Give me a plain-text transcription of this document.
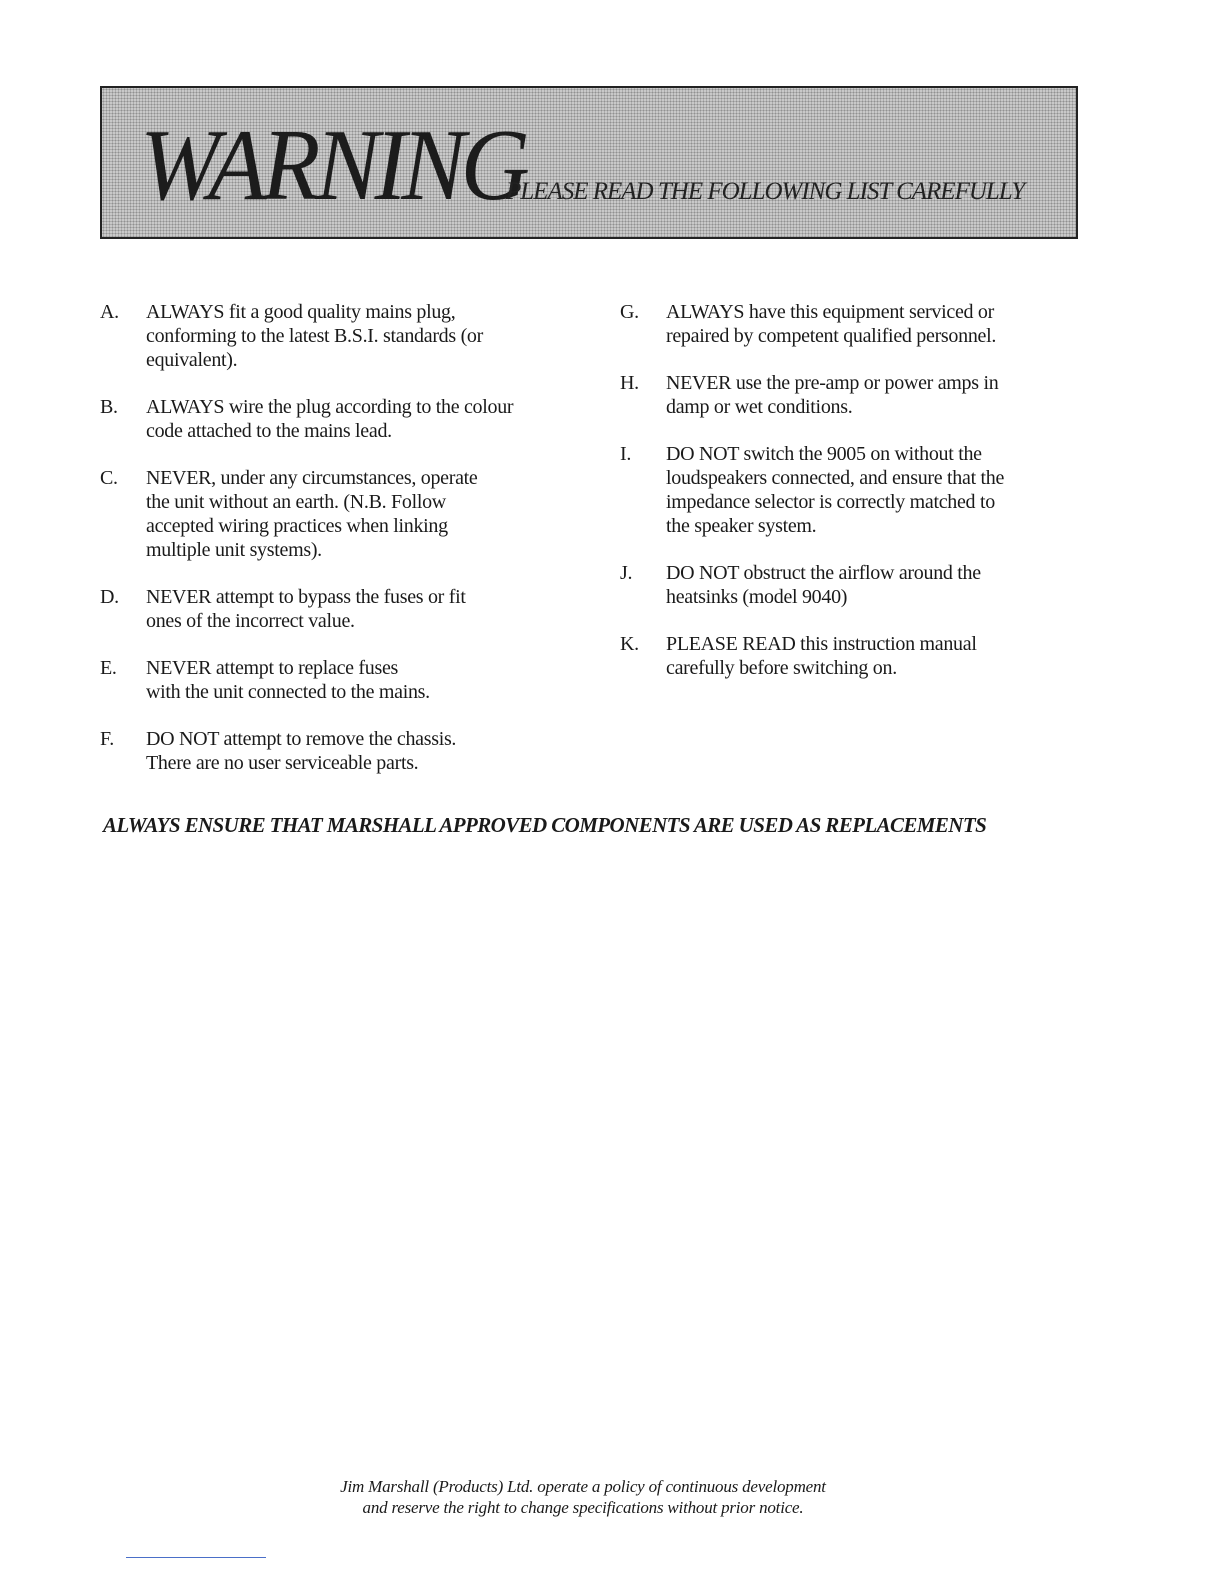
WARNING
PLEASE READ THE FOLLOWING LIST CAREFULLY
A.	ALWAYS fit a good quality mains plug,
conforming to the latest B.S.I. standards (or
equivalent).
B.	ALWAYS wire the plug according to the colour
code attached to the mains lead.
C.	NEVER, under any circumstances, operate
the unit without an earth. (N.B. Follow
accepted wiring practices when linking
multiple unit systems).
D.	NEVER attempt to bypass the fuses or fit
ones of the incorrect value.
E.	NEVER attempt to replace fuses
with the unit connected to the mains.
F.	DO NOT attempt to remove the chassis.
There are no user serviceable parts.
G.	ALWAYS have this equipment serviced or
repaired by competent qualified personnel.
H.	NEVER use the pre-amp or power amps in
damp or wet conditions.
I.	DO NOT switch the 9005 on without the
loudspeakers connected, and ensure that the
impedance selector is correctly matched to
the speaker system.
J.	DO NOT obstruct the airflow around the
heatsinks (model 9040)
K.	PLEASE READ this instruction manual
carefully before switching on.
ALWAYS ENSURE THAT MARSHALL APPROVED COMPONENTS ARE USED AS REPLACEMENTS
Jim Marshall (Products) Ltd. operate a policy of continuous development
and reserve the right to change specifications without prior notice.
